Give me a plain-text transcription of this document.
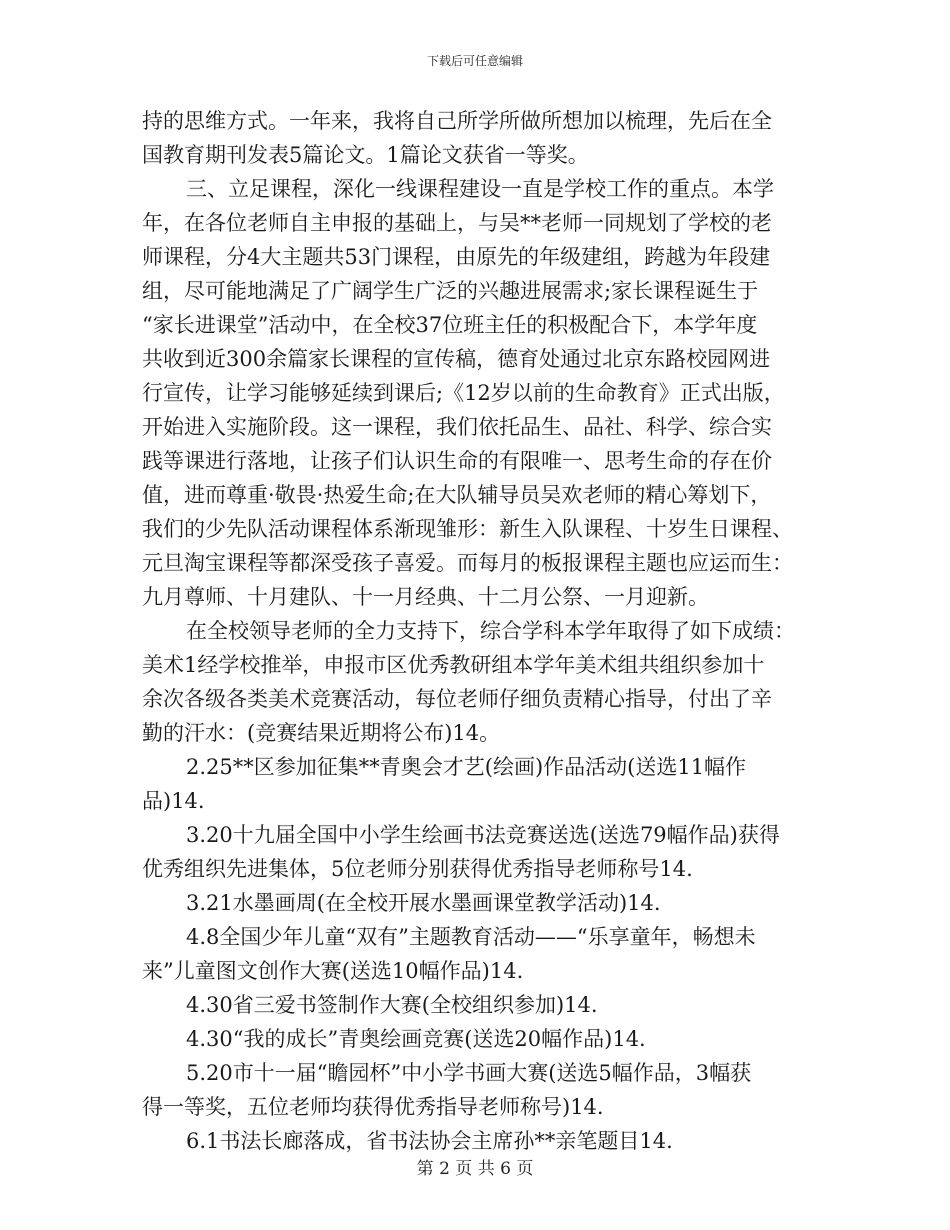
下载后可任意编辑
持的思维方式。一年来，我将自己所学所做所想加以梳理，先后在全
国教育期刊发表5篇论文。1篇论文获省一等奖。
三、立足课程，深化一线课程建设一直是学校工作的重点。本学
年，在各位老师自主申报的基础上，与吴**老师一同规划了学校的老
师课程，分4大主题共53门课程，由原先的年级建组，跨越为年段建
组，尽可能地满足了广阔学生广泛的兴趣进展需求;家长课程诞生于
“家长进课堂”活动中，在全校37位班主任的积极配合下，本学年度
共收到近300余篇家长课程的宣传稿，德育处通过北京东路校园网进
行宣传，让学习能够延续到课后;《12岁以前的生命教育》正式出版，
开始进入实施阶段。这一课程，我们依托品生、品社、科学、综合实
践等课进行落地，让孩子们认识生命的有限唯一、思考生命的存在价
值，进而尊重·敬畏·热爱生命;在大队辅导员吴欢老师的精心筹划下，
我们的少先队活动课程体系渐现雏形：新生入队课程、十岁生日课程、
元旦淘宝课程等都深受孩子喜爱。而每月的板报课程主题也应运而生：
九月尊师、十月建队、十一月经典、十二月公祭、一月迎新。
在全校领导老师的全力支持下，综合学科本学年取得了如下成绩：
美术1经学校推举，申报市区优秀教研组本学年美术组共组织参加十
余次各级各类美术竞赛活动，每位老师仔细负责精心指导，付出了辛
勤的汗水：(竞赛结果近期将公布)14。
2.25**区参加征集**青奥会才艺(绘画)作品活动(送选11幅作
品)14.
3.20十九届全国中小学生绘画书法竞赛送选(送选79幅作品)获得
优秀组织先进集体，5位老师分别获得优秀指导老师称号14.
3.21水墨画周(在全校开展水墨画课堂教学活动)14.
4.8全国少年儿童“双有”主题教育活动——“乐享童年，畅想未
来”儿童图文创作大赛(送选10幅作品)14.
4.30省三爱书签制作大赛(全校组织参加)14.
4.30“我的成长”青奥绘画竞赛(送选20幅作品)14.
5.20市十一届“瞻园杯”中小学书画大赛(送选5幅作品，3幅获
得一等奖，五位老师均获得优秀指导老师称号)14.
6.1书法长廊落成，省书法协会主席孙**亲笔题目14.
第 2 页 共 6 页
